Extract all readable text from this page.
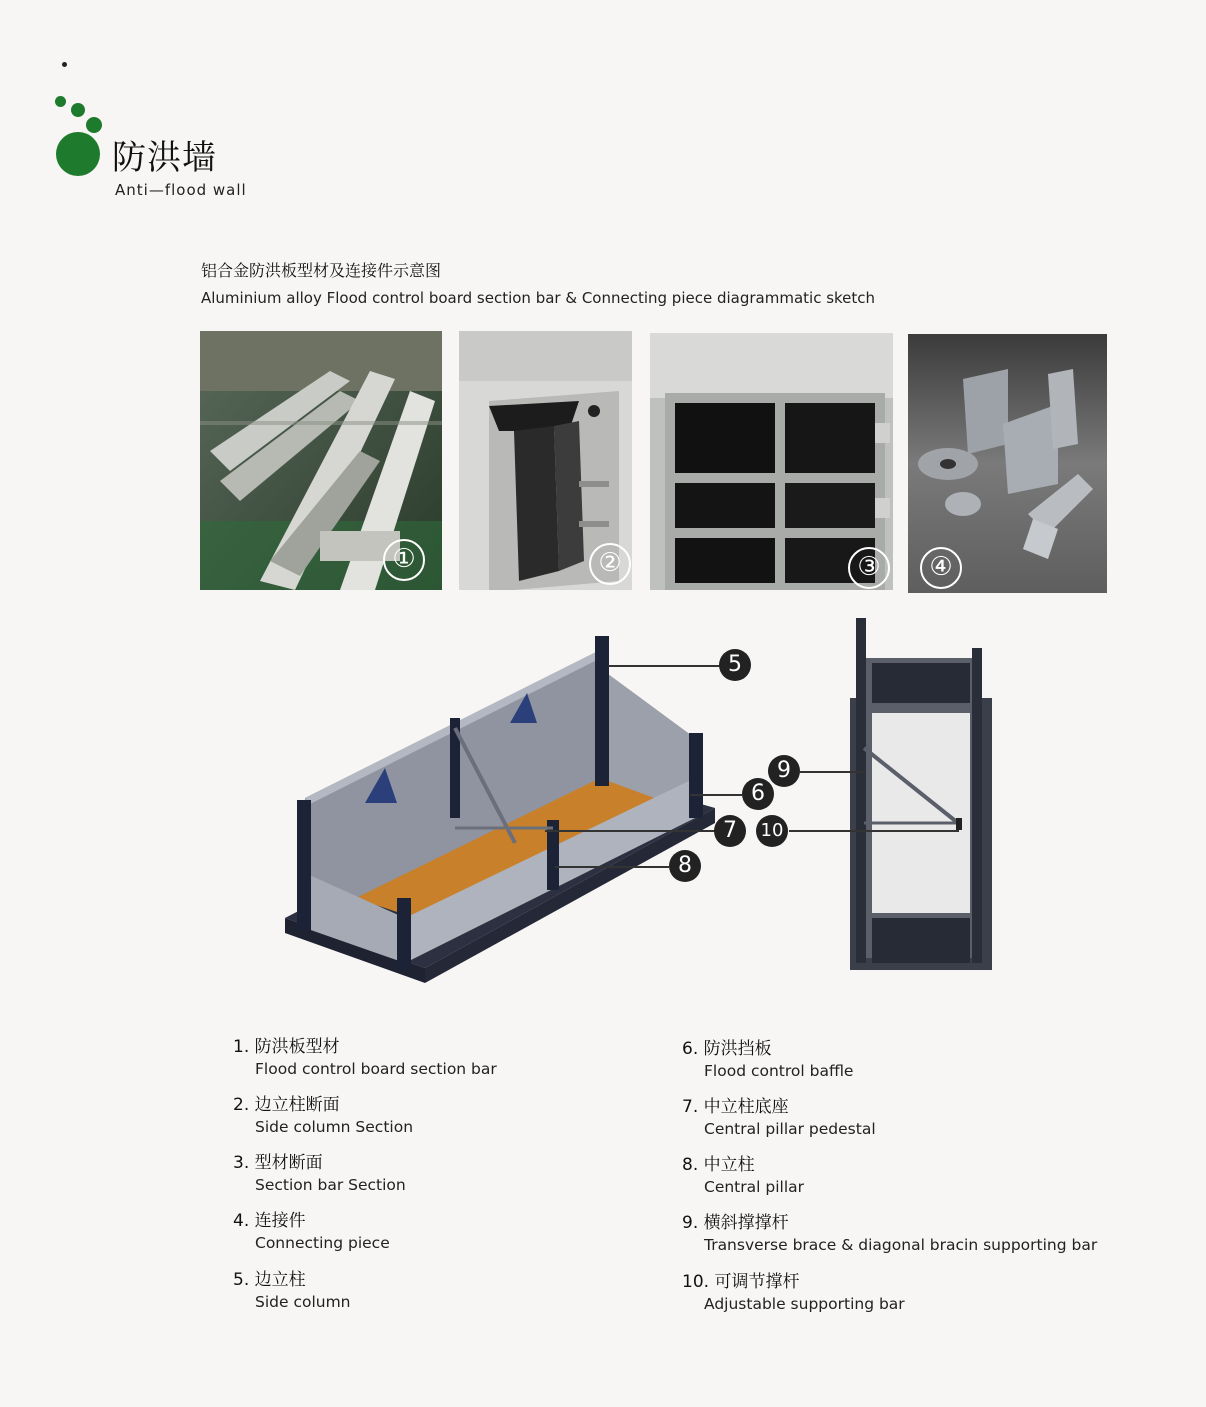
防洪墙
Anti—flood wall
铝合金防洪板型材及连接件示意图
Aluminium alloy Flood control board section bar & Connecting piece diagrammatic sketch
①	②	③	④
5
6
7
8
9
10
1. 防洪板型材
Flood control board section bar
2. 边立柱断面
Side column Section
3. 型材断面
Section bar Section
4. 连接件
Connecting piece
5. 边立柱
Side column
6. 防洪挡板
Flood control baffle
7. 中立柱底座
Central pillar pedestal
8. 中立柱
Central pillar
9. 横斜撑撑杆
Transverse brace & diagonal bracin supporting bar
10. 可调节撑杆
Adjustable supporting bar
